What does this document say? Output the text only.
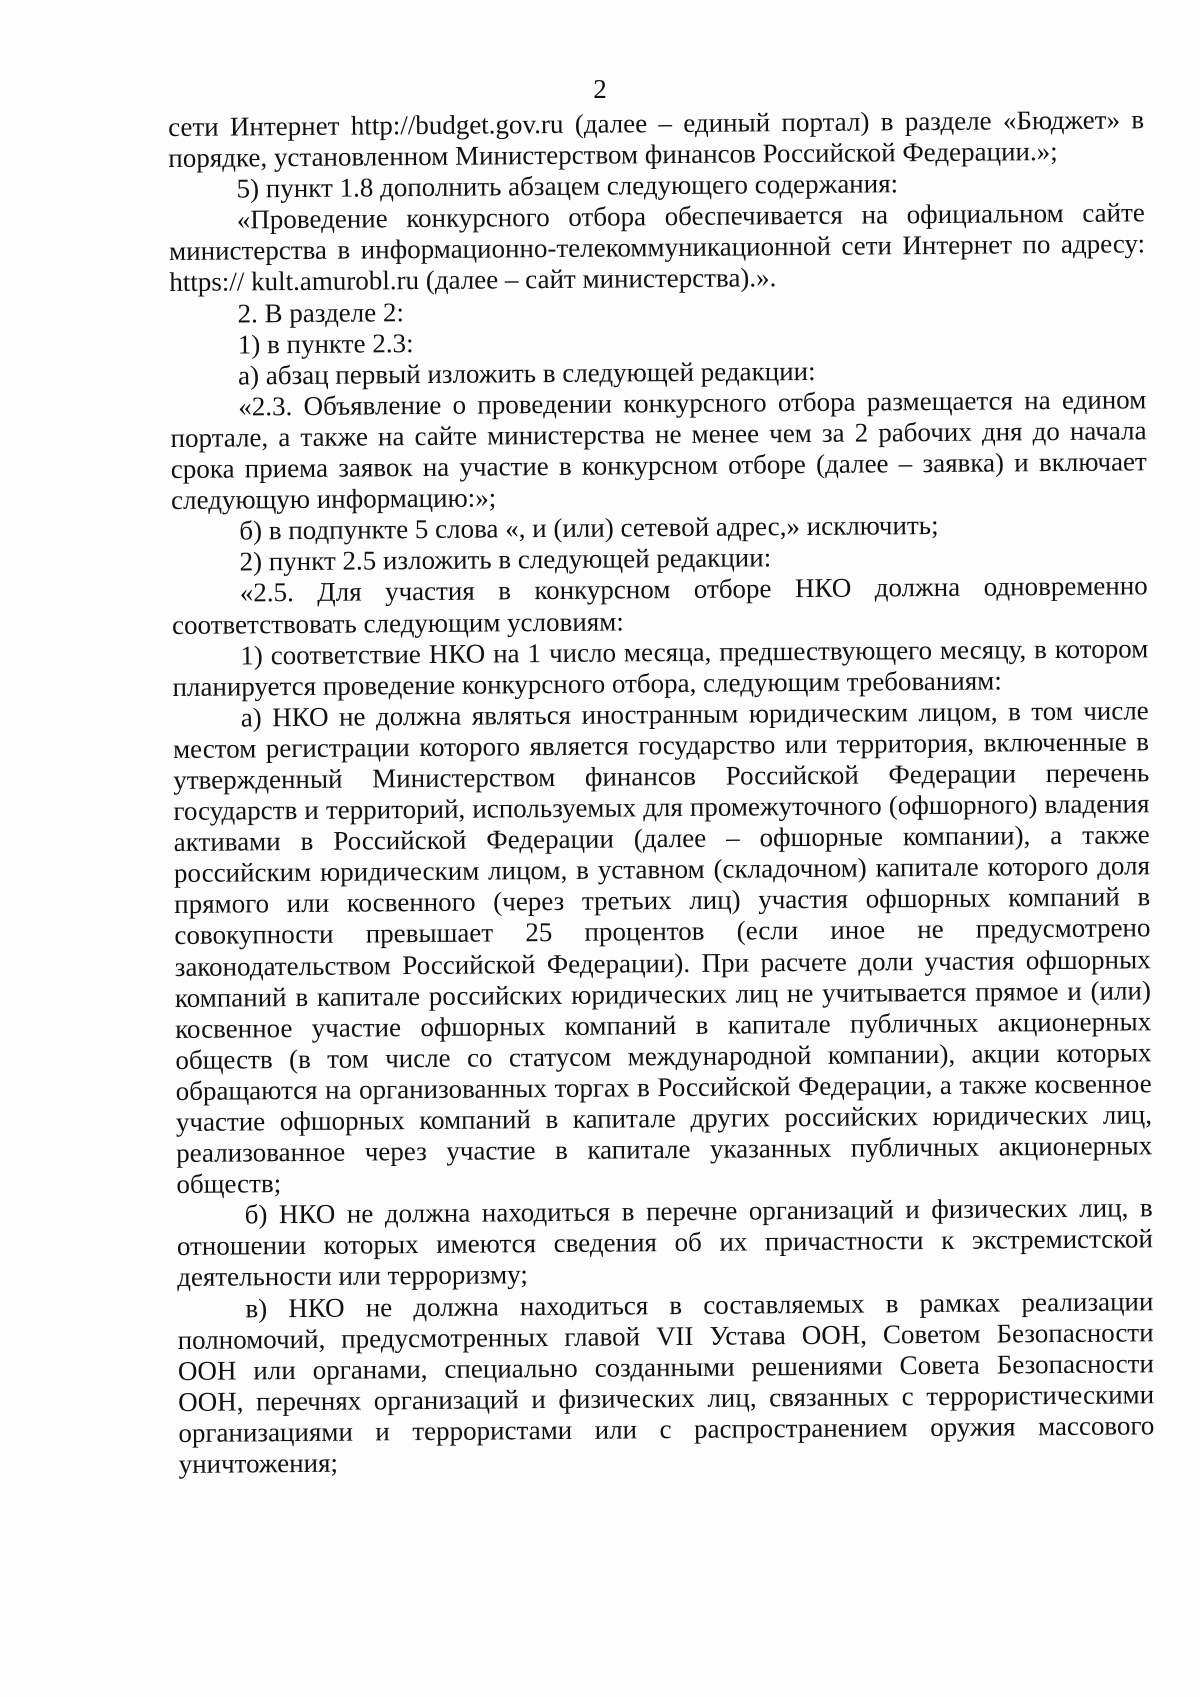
2

сети Интернет http://budget.gov.ru (далее – единый портал) в разделе «Бюджет» в порядке, установленном Министерством финансов Российской Федерации.»;

5) пункт 1.8 дополнить абзацем следующего содержания:

«Проведение конкурсного отбора обеспечивается на официальном сайте министерства в информационно-телекоммуникационной сети Интернет по адресу: https:// kult.amurobl.ru (далее – сайт министерства).».

2. В разделе 2:

1) в пункте 2.3:

а) абзац первый изложить в следующей редакции:

«2.3. Объявление о проведении конкурсного отбора размещается на едином портале, а также на сайте министерства не менее чем за 2 рабочих дня до начала срока приема заявок на участие в конкурсном отборе (далее – заявка) и включает следующую информацию:»;

б) в подпункте 5 слова «, и (или) сетевой адрес,» исключить;

2) пункт 2.5 изложить в следующей редакции:

«2.5. Для участия в конкурсном отборе НКО должна одновременно соответствовать следующим условиям:

1) соответствие НКО на 1 число месяца, предшествующего месяцу, в котором планируется проведение конкурсного отбора, следующим требованиям:

а) НКО не должна являться иностранным юридическим лицом, в том числе местом регистрации которого является государство или территория, включенные в утвержденный Министерством финансов Российской Федерации перечень государств и территорий, используемых для промежуточного (офшорного) владения активами в Российской Федерации (далее – офшорные компании), а также российским юридическим лицом, в уставном (складочном) капитале которого доля прямого или косвенного (через третьих лиц) участия офшорных компаний в совокупности превышает 25 процентов (если иное не предусмотрено законодательством Российской Федерации). При расчете доли участия офшорных компаний в капитале российских юридических лиц не учитывается прямое и (или) косвенное участие офшорных компаний в капитале публичных акционерных обществ (в том числе со статусом международной компании), акции которых обращаются на организованных торгах в Российской Федерации, а также косвенное участие офшорных компаний в капитале других российских юридических лиц, реализованное через участие в капитале указанных публичных акционерных обществ;

б) НКО не должна находиться в перечне организаций и физических лиц, в отношении которых имеются сведения об их причастности к экстремистской деятельности или терроризму;

в) НКО не должна находиться в составляемых в рамках реализации полномочий, предусмотренных главой VII Устава ООН, Советом Безопасности ООН или органами, специально созданными решениями Совета Безопасности ООН, перечнях организаций и физических лиц, связанных с террористическими организациями и террористами или с распространением оружия массового уничтожения;
